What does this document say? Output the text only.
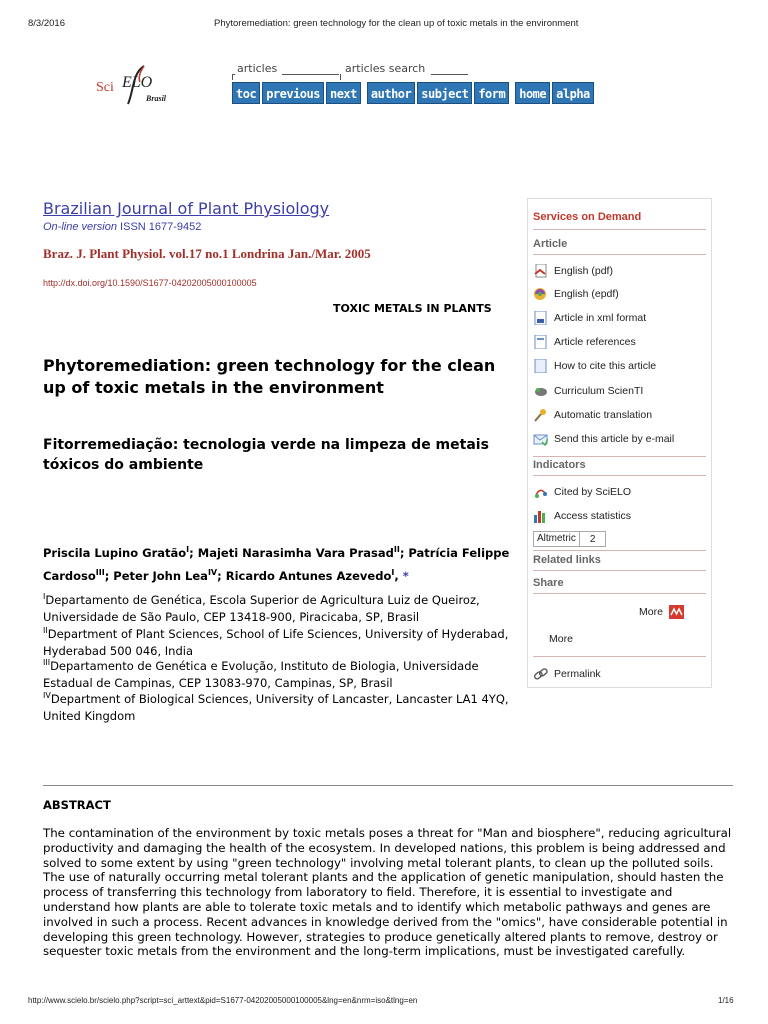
8/3/2016	Phytoremediation: green technology for the clean up of toxic metals in the environment
Sci ELO
Brasil
articles	articles search
toc previous next	author subject form	home alpha
Brazilian Journal of Plant Physiology
On-line version ISSN 1677-9452
Braz. J. Plant Physiol. vol.17 no.1 Londrina Jan./Mar. 2005
http://dx.doi.org/10.1590/S1677-04202005000100005
TOXIC METALS IN PLANTS
Phytoremediation: green technology for the clean up of toxic metals in the environment
Fitorremediação: tecnologia verde na limpeza de metais tóxicos do ambiente
Priscila Lupino Gratão$^I$; Majeti Narasimha Vara Prasad$^{II}$; Patrícia Felippe Cardoso$^{III}$; Peter John Lea$^{IV}$; Ricardo Antunes Azevedo$^I$, *
$^I$Departamento de Genética, Escola Superior de Agricultura Luiz de Queiroz, Universidade de São Paulo, CEP 13418-900, Piracicaba, SP, Brasil
$^{II}$Department of Plant Sciences, School of Life Sciences, University of Hyderabad, Hyderabad 500 046, India
$^{III}$Departamento de Genética e Evolução, Instituto de Biologia, Universidade Estadual de Campinas, CEP 13083-970, Campinas, SP, Brasil
$^{IV}$Department of Biological Sciences, University of Lancaster, Lancaster LA1 4YQ, United Kingdom
Services on Demand
Article
English (pdf)
English (epdf)
Article in xml format
Article references
How to cite this article
Curriculum ScienTI
Automatic translation
Send this article by e-mail
Indicators
Cited by SciELO
Access statistics
Altmetric	2
Related links
Share
More
More
Permalink
ABSTRACT
The contamination of the environment by toxic metals poses a threat for "Man and biosphere", reducing agricultural productivity and damaging the health of the ecosystem. In developed nations, this problem is being addressed and solved to some extent by using "green technology" involving metal tolerant plants, to clean up the polluted soils. The use of naturally occurring metal tolerant plants and the application of genetic manipulation, should hasten the process of transferring this technology from laboratory to field. Therefore, it is essential to investigate and understand how plants are able to tolerate toxic metals and to identify which metabolic pathways and genes are involved in such a process. Recent advances in knowledge derived from the "omics", have considerable potential in developing this green technology. However, strategies to produce genetically altered plants to remove, destroy or sequester toxic metals from the environment and the long-term implications, must be investigated carefully.
http://www.scielo.br/scielo.php?script=sci_arttext&pid=S1677-04202005000100005&lng=en&nrm=iso&tlng=en	1/16
